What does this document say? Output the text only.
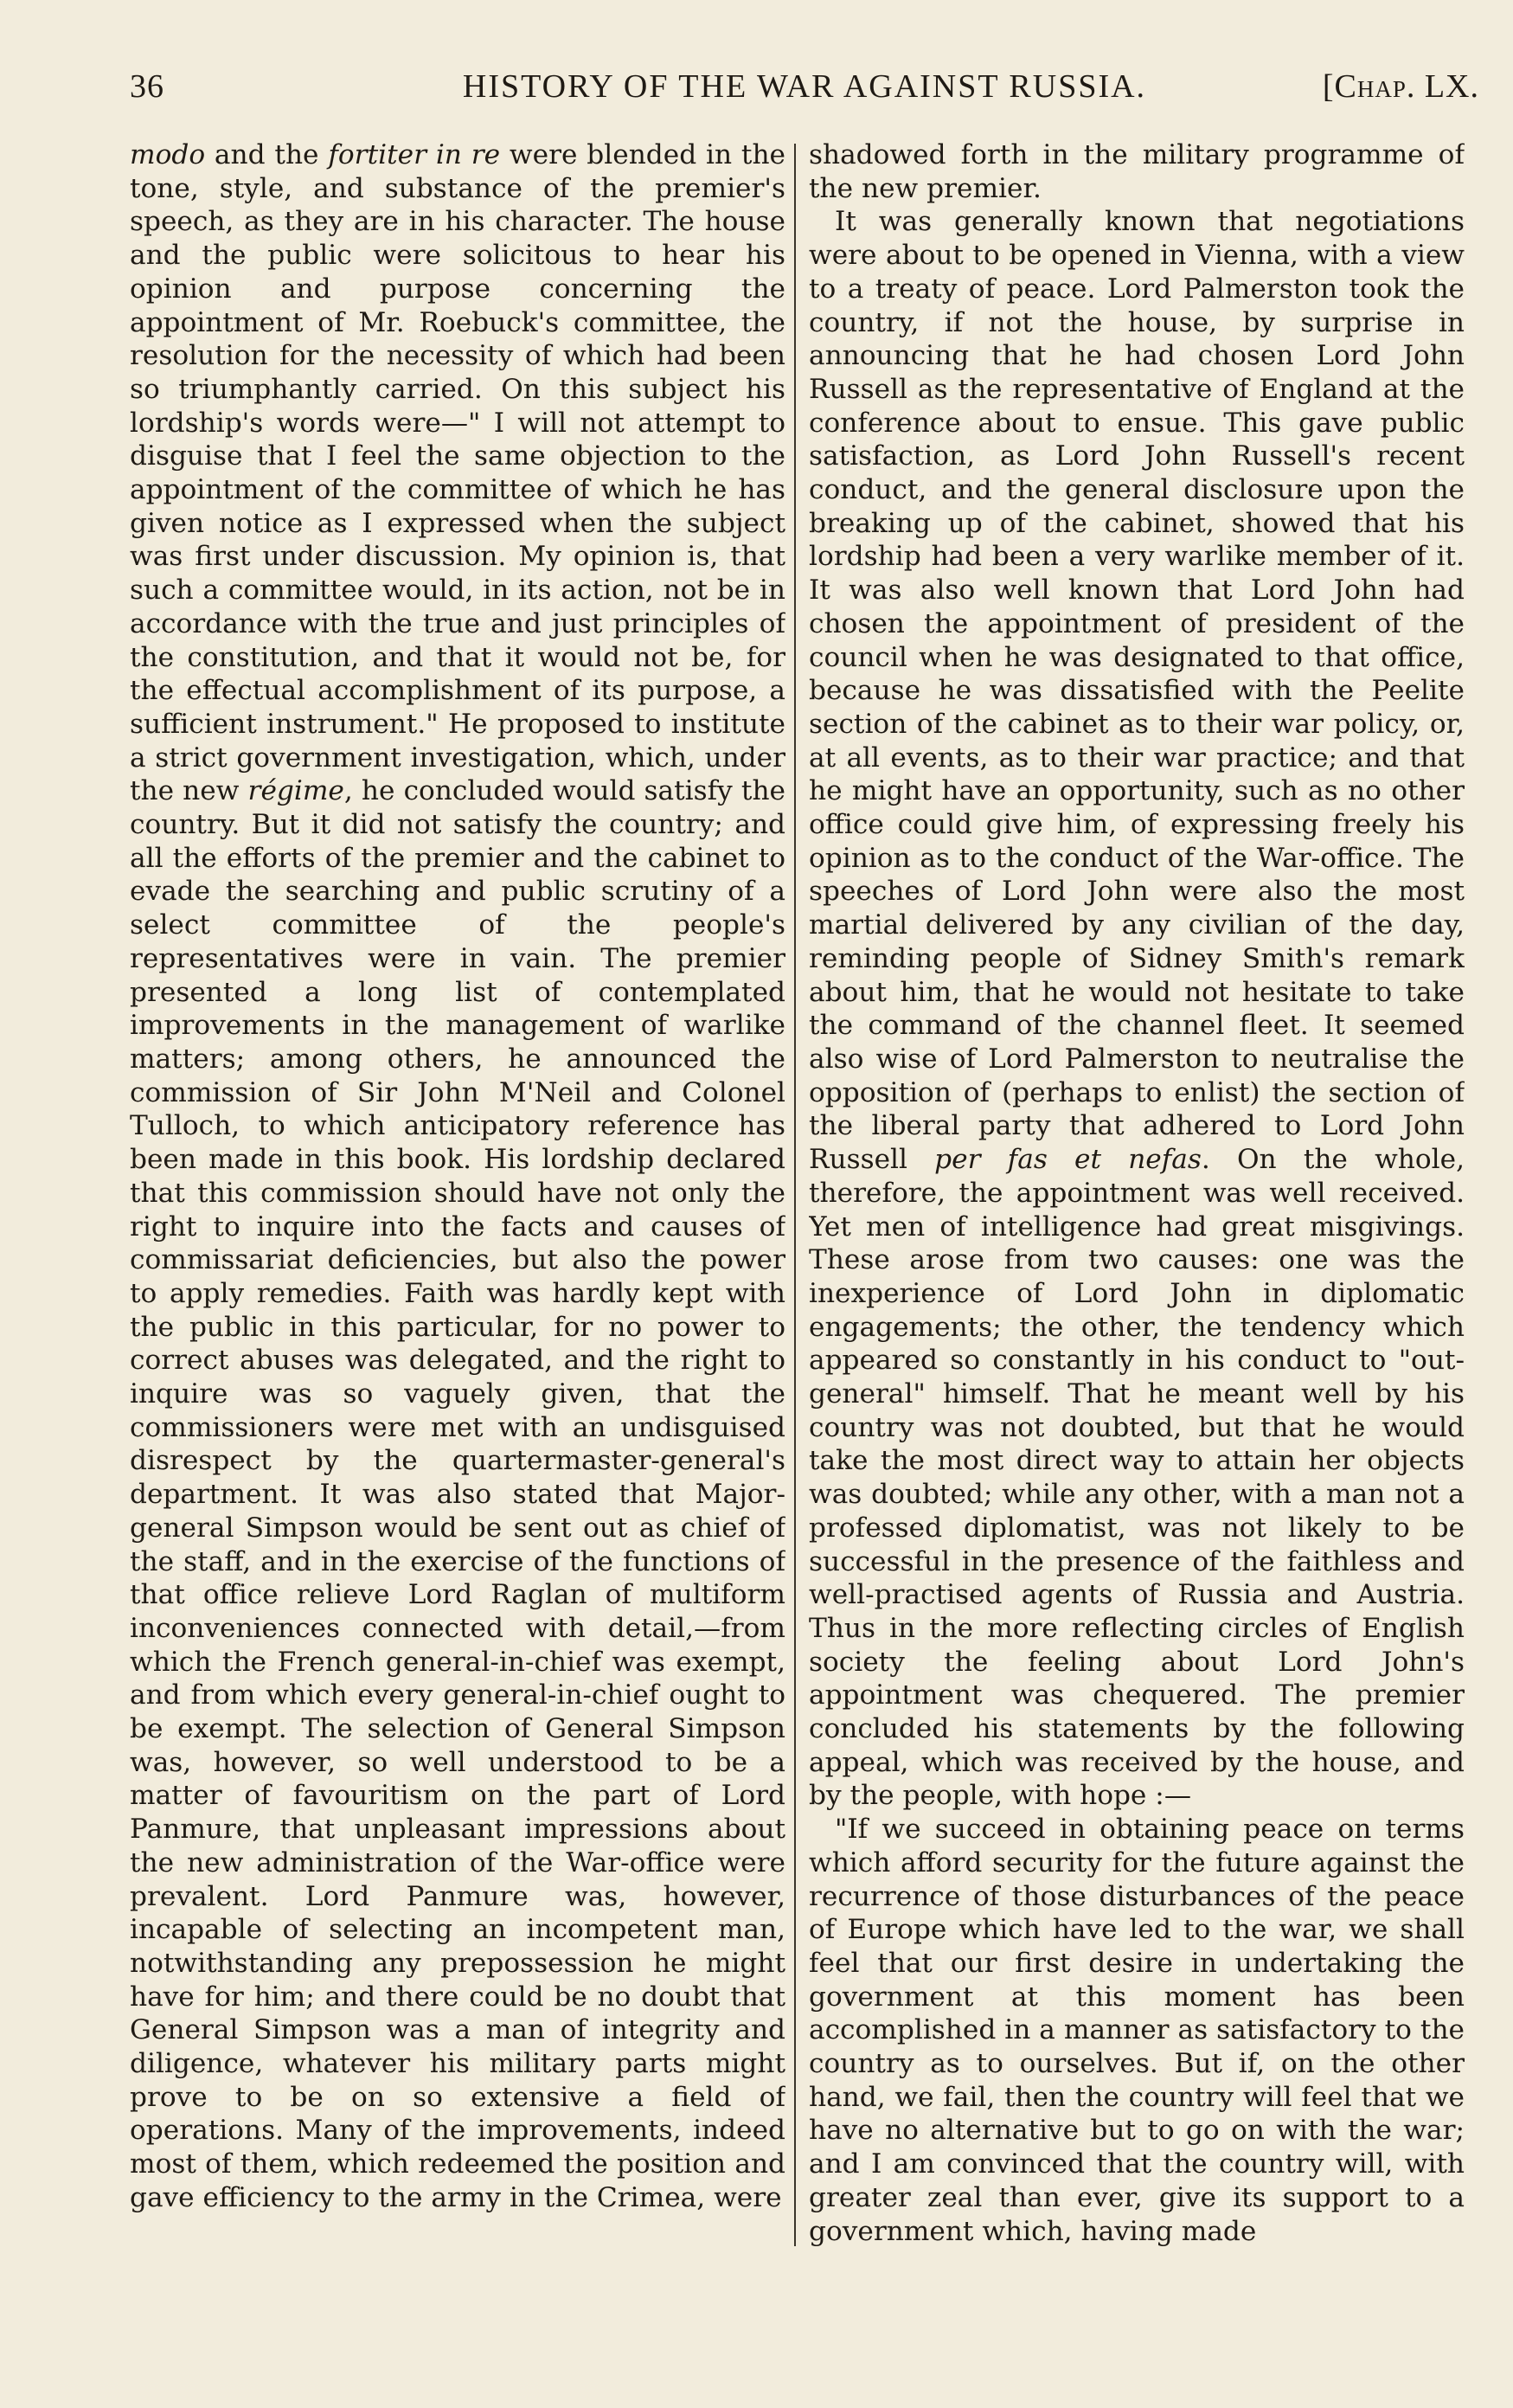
36	HISTORY OF THE WAR AGAINST RUSSIA.	[Chap. LX.

modo and the fortiter in re were blended in the tone, style, and substance of the premier's speech, as they are in his character. The house and the public were solicitous to hear his opinion and purpose concerning the appointment of Mr. Roebuck's committee, the resolution for the necessity of which had been so triumphantly carried. On this subject his lordship's words were—" I will not attempt to disguise that I feel the same objection to the appointment of the committee of which he has given notice as I expressed when the subject was first under discussion. My opinion is, that such a committee would, in its action, not be in accordance with the true and just principles of the constitution, and that it would not be, for the effectual accomplishment of its purpose, a sufficient instrument." He proposed to institute a strict government investigation, which, under the new régime, he concluded would satisfy the country. But it did not satisfy the country; and all the efforts of the premier and the cabinet to evade the searching and public scrutiny of a select committee of the people's representatives were in vain. The premier presented a long list of contemplated improvements in the management of warlike matters; among others, he announced the commission of Sir John M'Neil and Colonel Tulloch, to which anticipatory reference has been made in this book. His lordship declared that this commission should have not only the right to inquire into the facts and causes of commissariat deficiencies, but also the power to apply remedies. Faith was hardly kept with the public in this particular, for no power to correct abuses was delegated, and the right to inquire was so vaguely given, that the commissioners were met with an undisguised disrespect by the quartermaster-general's department. It was also stated that Major-general Simpson would be sent out as chief of the staff, and in the exercise of the functions of that office relieve Lord Raglan of multiform inconveniences connected with detail,—from which the French general-in-chief was exempt, and from which every general-in-chief ought to be exempt. The selection of General Simpson was, however, so well understood to be a matter of favouritism on the part of Lord Panmure, that unpleasant impressions about the new administration of the War-office were prevalent. Lord Panmure was, however, incapable of selecting an incompetent man, notwithstanding any prepossession he might have for him; and there could be no doubt that General Simpson was a man of integrity and diligence, whatever his military parts might prove to be on so extensive a field of operations. Many of the improvements, indeed most of them, which redeemed the position and gave efficiency to the army in the Crimea, were

shadowed forth in the military programme of the new premier.

It was generally known that negotiations were about to be opened in Vienna, with a view to a treaty of peace. Lord Palmerston took the country, if not the house, by surprise in announcing that he had chosen Lord John Russell as the representative of England at the conference about to ensue. This gave public satisfaction, as Lord John Russell's recent conduct, and the general disclosure upon the breaking up of the cabinet, showed that his lordship had been a very warlike member of it. It was also well known that Lord John had chosen the appointment of president of the council when he was designated to that office, because he was dissatisfied with the Peelite section of the cabinet as to their war policy, or, at all events, as to their war practice; and that he might have an opportunity, such as no other office could give him, of expressing freely his opinion as to the conduct of the War-office. The speeches of Lord John were also the most martial delivered by any civilian of the day, reminding people of Sidney Smith's remark about him, that he would not hesitate to take the command of the channel fleet. It seemed also wise of Lord Palmerston to neutralise the opposition of (perhaps to enlist) the section of the liberal party that adhered to Lord John Russell per fas et nefas. On the whole, therefore, the appointment was well received. Yet men of intelligence had great misgivings. These arose from two causes: one was the inexperience of Lord John in diplomatic engagements; the other, the tendency which appeared so constantly in his conduct to "out-general" himself. That he meant well by his country was not doubted, but that he would take the most direct way to attain her objects was doubted; while any other, with a man not a professed diplomatist, was not likely to be successful in the presence of the faithless and well-practised agents of Russia and Austria. Thus in the more reflecting circles of English society the feeling about Lord John's appointment was chequered. The premier concluded his statements by the following appeal, which was received by the house, and by the people, with hope :—

"If we succeed in obtaining peace on terms which afford security for the future against the recurrence of those disturbances of the peace of Europe which have led to the war, we shall feel that our first desire in undertaking the government at this moment has been accomplished in a manner as satisfactory to the country as to ourselves. But if, on the other hand, we fail, then the country will feel that we have no alternative but to go on with the war; and I am convinced that the country will, with greater zeal than ever, give its support to a government which, having made
